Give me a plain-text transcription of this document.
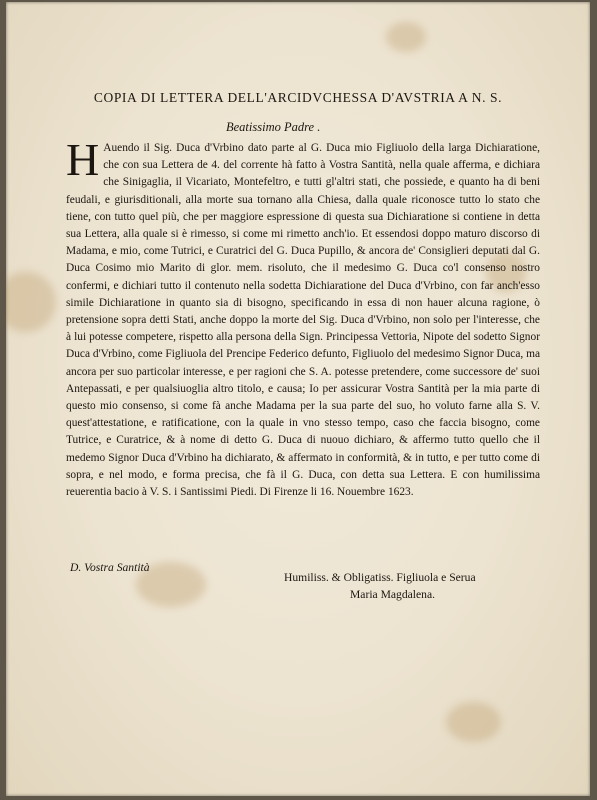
COPIA DI LETTERA DELL'ARCIDVCHESSA D'AVSTRIA A N. S.
Beatissimo Padre .
H Auendo il Sig. Duca d'Vrbino dato parte al G. Duca mio Figliuolo della larga Dichiaratione, che con sua Lettera de 4. del corrente hà fatto à Vostra Santità, nella quale afferma, e dichiara che Sinigaglia, il Vicariato, Montefeltro, e tutti gl'altri stati, che possiede, e quanto ha di beni feudali, e giurisditionali, alla morte sua tornano alla Chiesa, dalla quale riconosce tutto lo stato che tiene, con tutto quel più, che per maggiore espressione di questa sua Dichiaratione si contiene in detta sua Lettera, alla quale si è rimesso, si come mi rimetto anch'io. Et essendosi doppo maturo discorso di Madama, e mio, come Tutrici, e Curatrici del G. Duca Pupillo, & ancora de' Consiglieri deputati dal G. Duca Cosimo mio Marito di glor. mem. risoluto, che il medesimo G. Duca co'l consenso nostro confermi, e dichiari tutto il contenuto nella sodetta Dichiaratione del Duca d'Vrbino, con far anch'esso simile Dichiaratione in quanto sia di bisogno, specificando in essa di non hauer alcuna ragione, ò pretensione sopra detti Stati, anche doppo la morte del Sig. Duca d'Vrbino, non solo per l'interesse, che à lui potesse competere, rispetto alla persona della Sign. Principessa Vettoria, Nipote del sodetto Signor Duca d'Vrbino, come Figliuola del Prencipe Federico defunto, Figliuolo del medesimo Signor Duca, ma ancora per suo particolar interesse, e per ragioni che S. A. potesse pretendere, come successore de' suoi Antepassati, e per qualsiuoglia altro titolo, e causa; Io per assicurar Vostra Santità per la mia parte di questo mio consenso, si come fà anche Madama per la sua parte del suo, ho voluto farne alla S. V. quest'attestatione, e ratificatione, con la quale in vno stesso tempo, caso che faccia bisogno, come Tutrice, e Curatrice, & à nome di detto G. Duca di nuouo dichiaro, & affermo tutto quello che il medemo Signor Duca d'Vrbino ha dichiarato, & affermato in conformità, & in tutto, e per tutto come di sopra, e nel modo, e forma precisa, che fà il G. Duca, con detta sua Lettera. E con humilissima reuerentia bacio à V. S. i Santissimi Piedi. Di Firenze li 16. Nouembre 1623.
D. Vostra Santità
Humiliss. & Obligatiss. Figliuola e Serua
Maria Magdalena.
